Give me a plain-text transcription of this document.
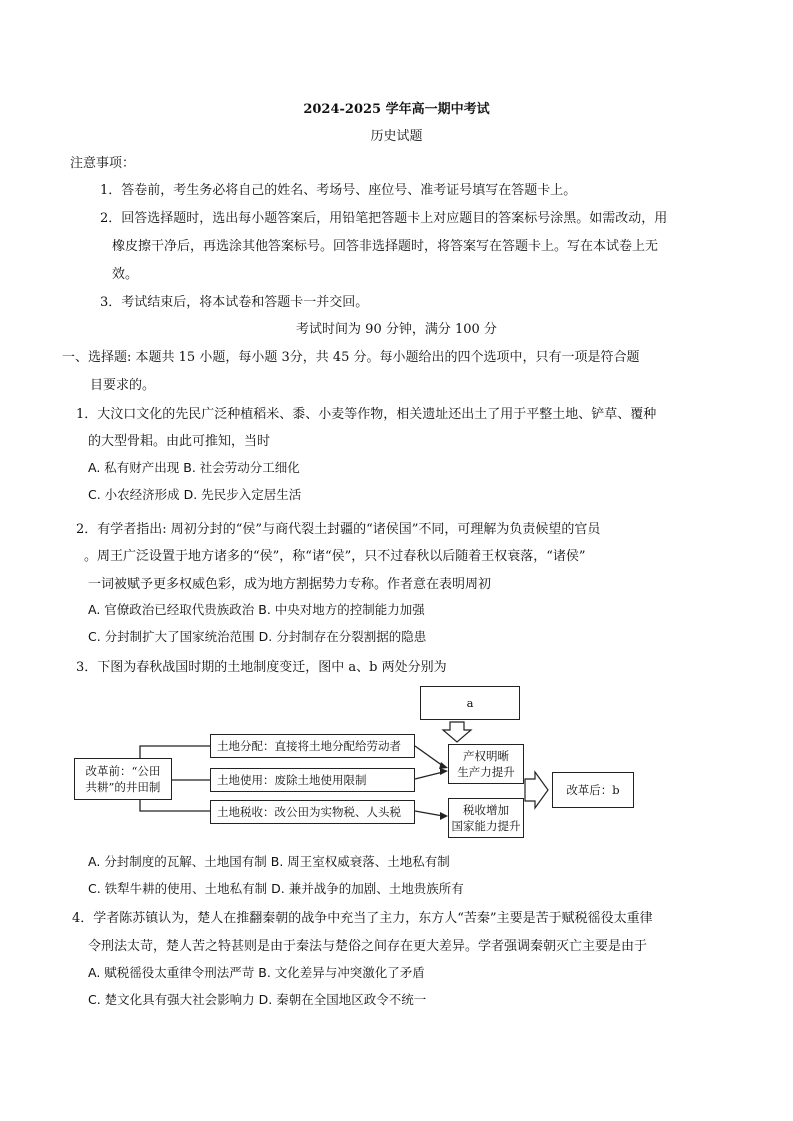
2024-2025 学年高一期中考试
历史试题
注意事项：
1．答卷前，考生务必将自己的姓名、考场号、座位号、准考证号填写在答题卡上。
2．回答选择题时，选出每小题答案后，用铅笔把答题卡上对应题目的答案标号涂黑。如需改动，用
橡皮擦干净后，再选涂其他答案标号。回答非选择题时，将答案写在答题卡上。写在本试卷上无
效。
3．考试结束后，将本试卷和答题卡一并交回。
考试时间为 90 分钟，满分 100 分
一、选择题: 本题共 15 小题，每小题 3分，共 45 分。每小题给出的四个选项中，只有一项是符合题
目要求的。
1．大汶口文化的先民广泛种植稻米、黍、小麦等作物，相关遗址还出土了用于平整土地、铲草、覆种
的大型骨耜。由此可推知，当时
A. 私有财产出现 B. 社会劳动分工细化
C. 小农经济形成 D. 先民步入定居生活
2．有学者指出: 周初分封的“侯”与商代裂土封疆的“诸侯国”不同，可理解为负责候望的官员
。周王广泛设置于地方诸多的“侯”，称“诸“侯”，只不过春秋以后随着王权衰落，“诸侯”
一词被赋予更多权威色彩，成为地方割据势力专称。作者意在表明周初
A. 官僚政治已经取代贵族政治 B. 中央对地方的控制能力加强
C. 分封制扩大了国家统治范围 D. 分封制存在分裂割据的隐患
3．下图为春秋战国时期的土地制度变迁，图中 a、b 两处分别为
a
改革前：“公田
共耕”的井田制
土地分配：直接将土地分配给劳动者
土地使用：废除土地使用限制
土地税收：改公田为实物税、人头税
产权明晰
生产力提升
税收增加
国家能力提升
改革后：b
A. 分封制度的瓦解、土地国有制 B. 周王室权威衰落、土地私有制
C. 铁犁牛耕的使用、土地私有制 D. 兼并战争的加剧、土地贵族所有
4．学者陈苏镇认为，楚人在推翻秦朝的战争中充当了主力，东方人“苦秦”主要是苦于赋税徭役太重律
令刑法太苛，楚人苦之特甚则是由于秦法与楚俗之间存在更大差异。学者强调秦朝灭亡主要是由于
A. 赋税徭役太重律令刑法严苛 B. 文化差异与冲突激化了矛盾
C. 楚文化具有强大社会影响力 D. 秦朝在全国地区政令不统一
